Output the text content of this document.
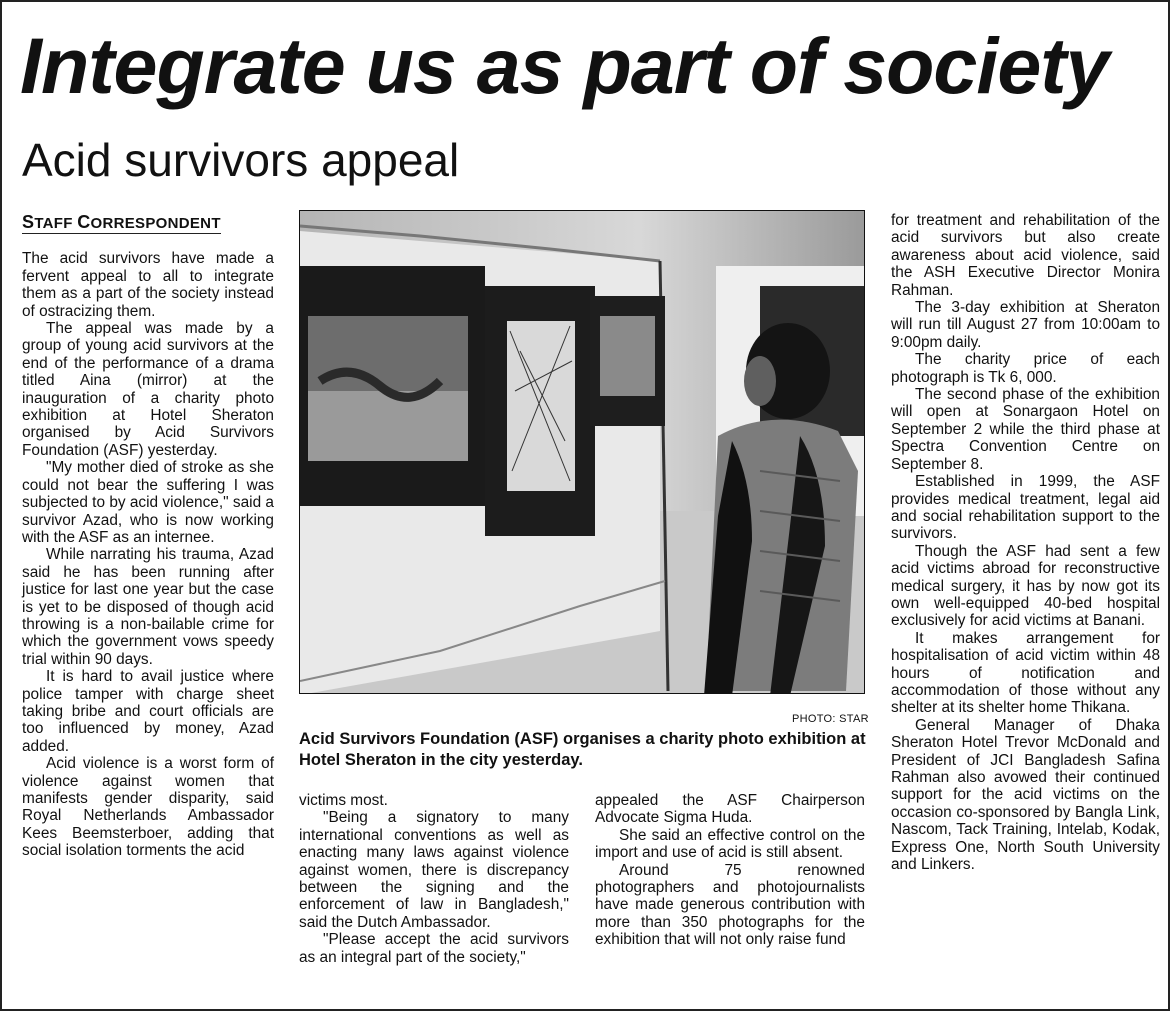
Integrate us as part of society
Acid survivors appeal
STAFF CORRESPONDENT

The acid survivors have made a fervent appeal to all to integrate them as a part of the society instead of ostracizing them.

The appeal was made by a group of young acid survivors at the end of the performance of a drama titled Aina (mirror) at the inauguration of a charity photo exhibition at Hotel Sheraton organised by Acid Survivors Foundation (ASF) yesterday.

"My mother died of stroke as she could not bear the suffering I was subjected to by acid violence," said a survivor Azad, who is now working with the ASF as an internee.

While narrating his trauma, Azad said he has been running after justice for last one year but the case is yet to be disposed of though acid throwing is a non-bailable crime for which the government vows speedy trial within 90 days.

It is hard to avail justice where police tamper with charge sheet taking bribe and court officials are too influenced by money, Azad added.

Acid violence is a worst form of violence against women that manifests gender disparity, said Royal Netherlands Ambassador Kees Beemsterboer, adding that social isolation torments the acid

PHOTO: STAR
Acid Survivors Foundation (ASF) organises a charity photo exhibition at Hotel Sheraton in the city yesterday.

victims most.

"Being a signatory to many international conventions as well as enacting many laws against violence against women, there is discrepancy between the signing and the enforcement of law in Bangladesh," said the Dutch Ambassador.

"Please accept the acid survivors as an integral part of the society,"

appealed the ASF Chairperson Advocate Sigma Huda.

She said an effective control on the import and use of acid is still absent.

Around 75 renowned photographers and photojournalists have made generous contribution with more than 350 photographs for the exhibition that will not only raise fund

for treatment and rehabilitation of the acid survivors but also create awareness about acid violence, said the ASH Executive Director Monira Rahman.

The 3-day exhibition at Sheraton will run till August 27 from 10:00am to 9:00pm daily.

The charity price of each photograph is Tk 6, 000.

The second phase of the exhibition will open at Sonargaon Hotel on September 2 while the third phase at Spectra Convention Centre on September 8.

Established in 1999, the ASF provides medical treatment, legal aid and social rehabilitation support to the survivors.

Though the ASF had sent a few acid victims abroad for reconstructive medical surgery, it has by now got its own well-equipped 40-bed hospital exclusively for acid victims at Banani.

It makes arrangement for hospitalisation of acid victim within 48 hours of notification and accommodation of those without any shelter at its shelter home Thikana.

General Manager of Dhaka Sheraton Hotel Trevor McDonald and President of JCI Bangladesh Safina Rahman also avowed their continued support for the acid victims on the occasion co-sponsored by Bangla Link, Nascom, Tack Training, Intelab, Kodak, Express One, North South University and Linkers.
